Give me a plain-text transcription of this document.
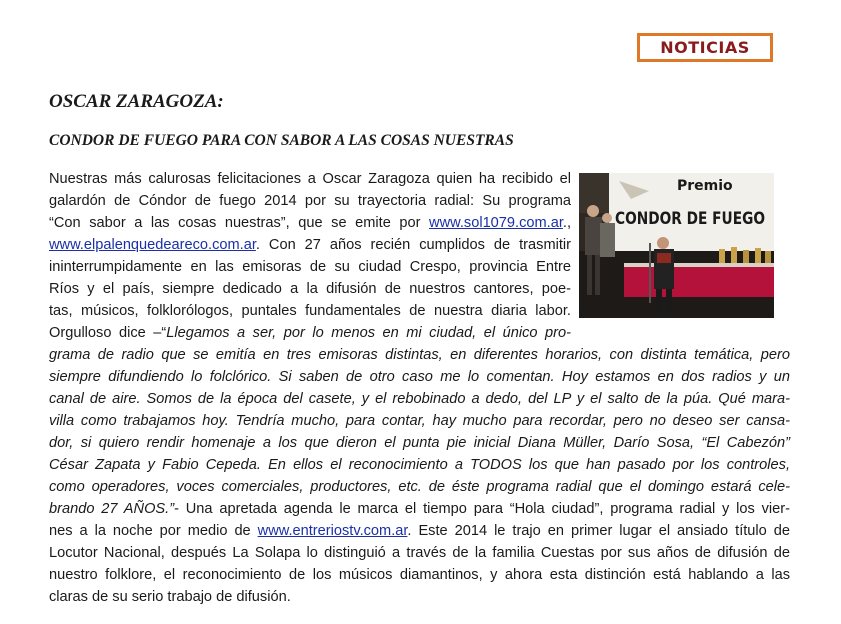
NOTICIAS
OSCAR ZARAGOZA:
CONDOR DE FUEGO PARA CON SABOR A LAS COSAS NUESTRAS
Premio
CONDOR DE FUEGO
Nuestras más calurosas felicitaciones a Oscar Zaragoza quien ha recibido el
galardón de Cóndor de fuego 2014 por su trayectoria radial: Su programa
“Con sabor a las cosas nuestras”, que se emite por www.sol1079.com.ar.,
www.elpalenquedeareco.com.ar. Con 27 años recién cumplidos de trasmitir
ininterrumpidamente en las emisoras de su ciudad Crespo, provincia Entre
Ríos y el país, siempre dedicado a la difusión de nuestros cantores, poe-
tas, músicos, folklorólogos, puntales fundamentales de nuestra diaria labor.
Orgulloso dice –“Llegamos a ser, por lo menos en mi ciudad, el único pro-
grama de radio que se emitía en tres emisoras distintas, en diferentes horarios, con distinta temática, pero
siempre difundiendo lo folclórico. Si saben de otro caso me lo comentan. Hoy estamos en dos radios y un
canal de aire. Somos de la época del casete, y el rebobinado a dedo, del LP y el salto de la púa. Qué mara-
villa como trabajamos hoy. Tendría mucho, para contar, hay mucho para recordar, pero no deseo ser cansa-
dor, si quiero rendir homenaje a los que dieron el punta pie inicial Diana Müller, Darío Sosa, “El Cabezón”
César Zapata y Fabio Cepeda. En ellos el reconocimiento a TODOS los que han pasado por los controles,
como operadores, voces comerciales, productores, etc. de éste programa radial que el domingo estará cele-
brando 27 AÑOS.”- Una apretada agenda le marca el tiempo para “Hola ciudad”, programa radial y los vier-
nes a la noche por medio de www.entreriostv.com.ar. Este 2014 le trajo en primer lugar el ansiado título de
Locutor Nacional, después La Solapa lo distinguió a través de la familia Cuestas por sus años de difusión de
nuestro folklore, el reconocimiento de los músicos diamantinos, y ahora esta distinción está hablando a las
claras de su serio trabajo de difusión.
